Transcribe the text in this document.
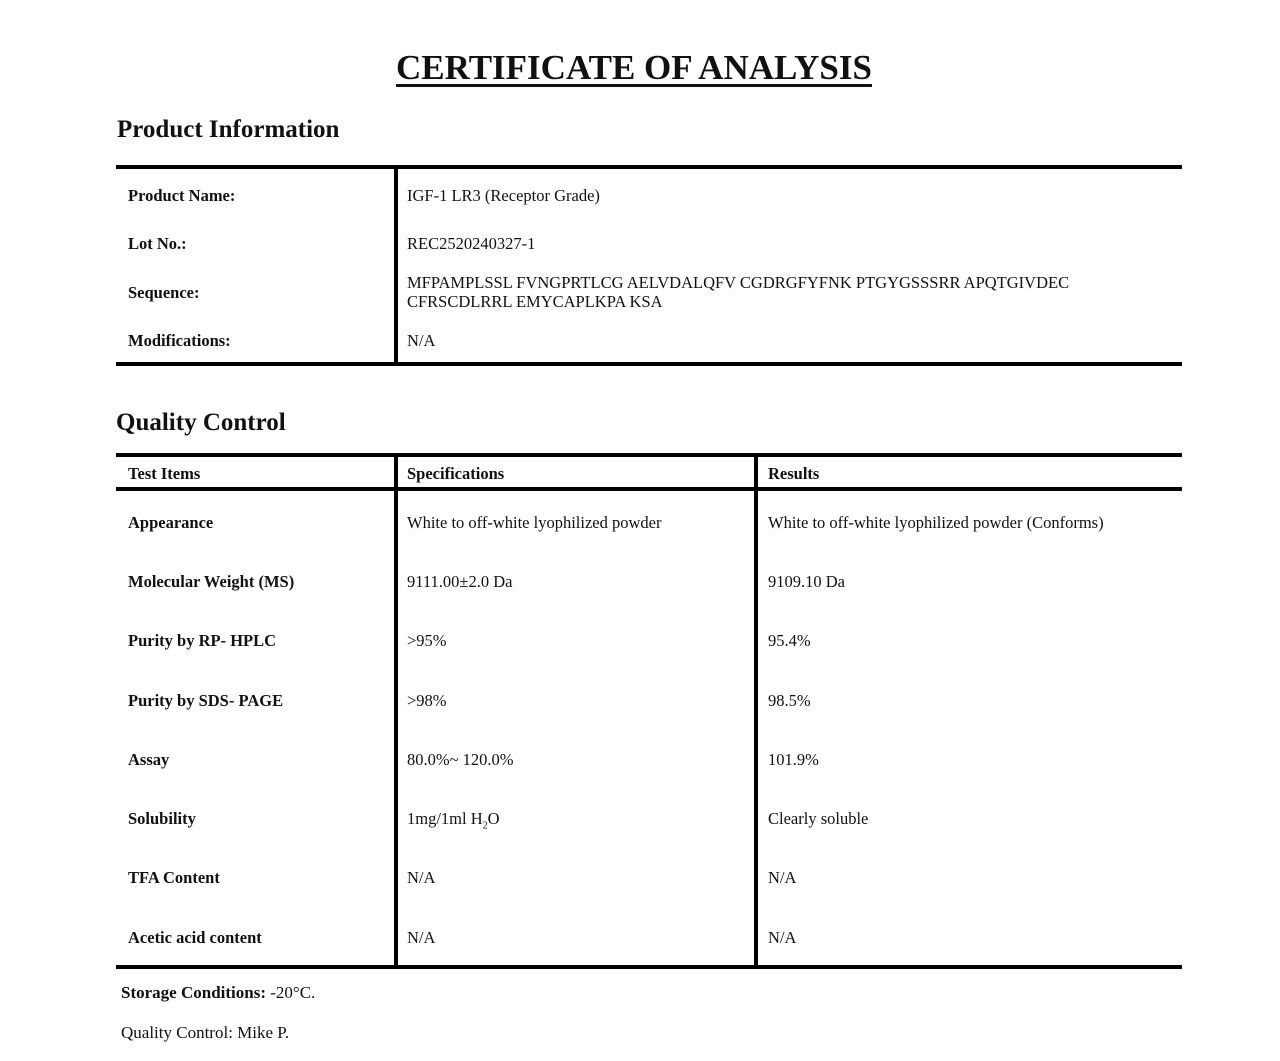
CERTIFICATE OF ANALYSIS
Product Information
Product Name:	IGF-1 LR3 (Receptor Grade)
Lot No.:	REC2520240327-1
Sequence:
MFPAMPLSSL FVNGPRTLCG AELVDALQFV CGDRGFYFNK PTGYGSSSRR APQTGIVDEC
CFRSCDLRRL EMYCAPLKPA KSA
Modifications:	N/A
Quality Control
Test Items	Specifications	Results
Appearance	White to off-white lyophilized powder	White to off-white lyophilized powder (Conforms)
Molecular Weight (MS)	9111.00±2.0 Da	9109.10 Da
Purity by RP- HPLC	>95%	95.4%
Purity by SDS- PAGE	>98%	98.5%
Assay	80.0%~ 120.0%	101.9%
Solubility	1mg/1ml $H_2O$	Clearly soluble
TFA Content	N/A	N/A
Acetic acid content	N/A	N/A
Storage Conditions: -20°C.
Quality Control: Mike P.
